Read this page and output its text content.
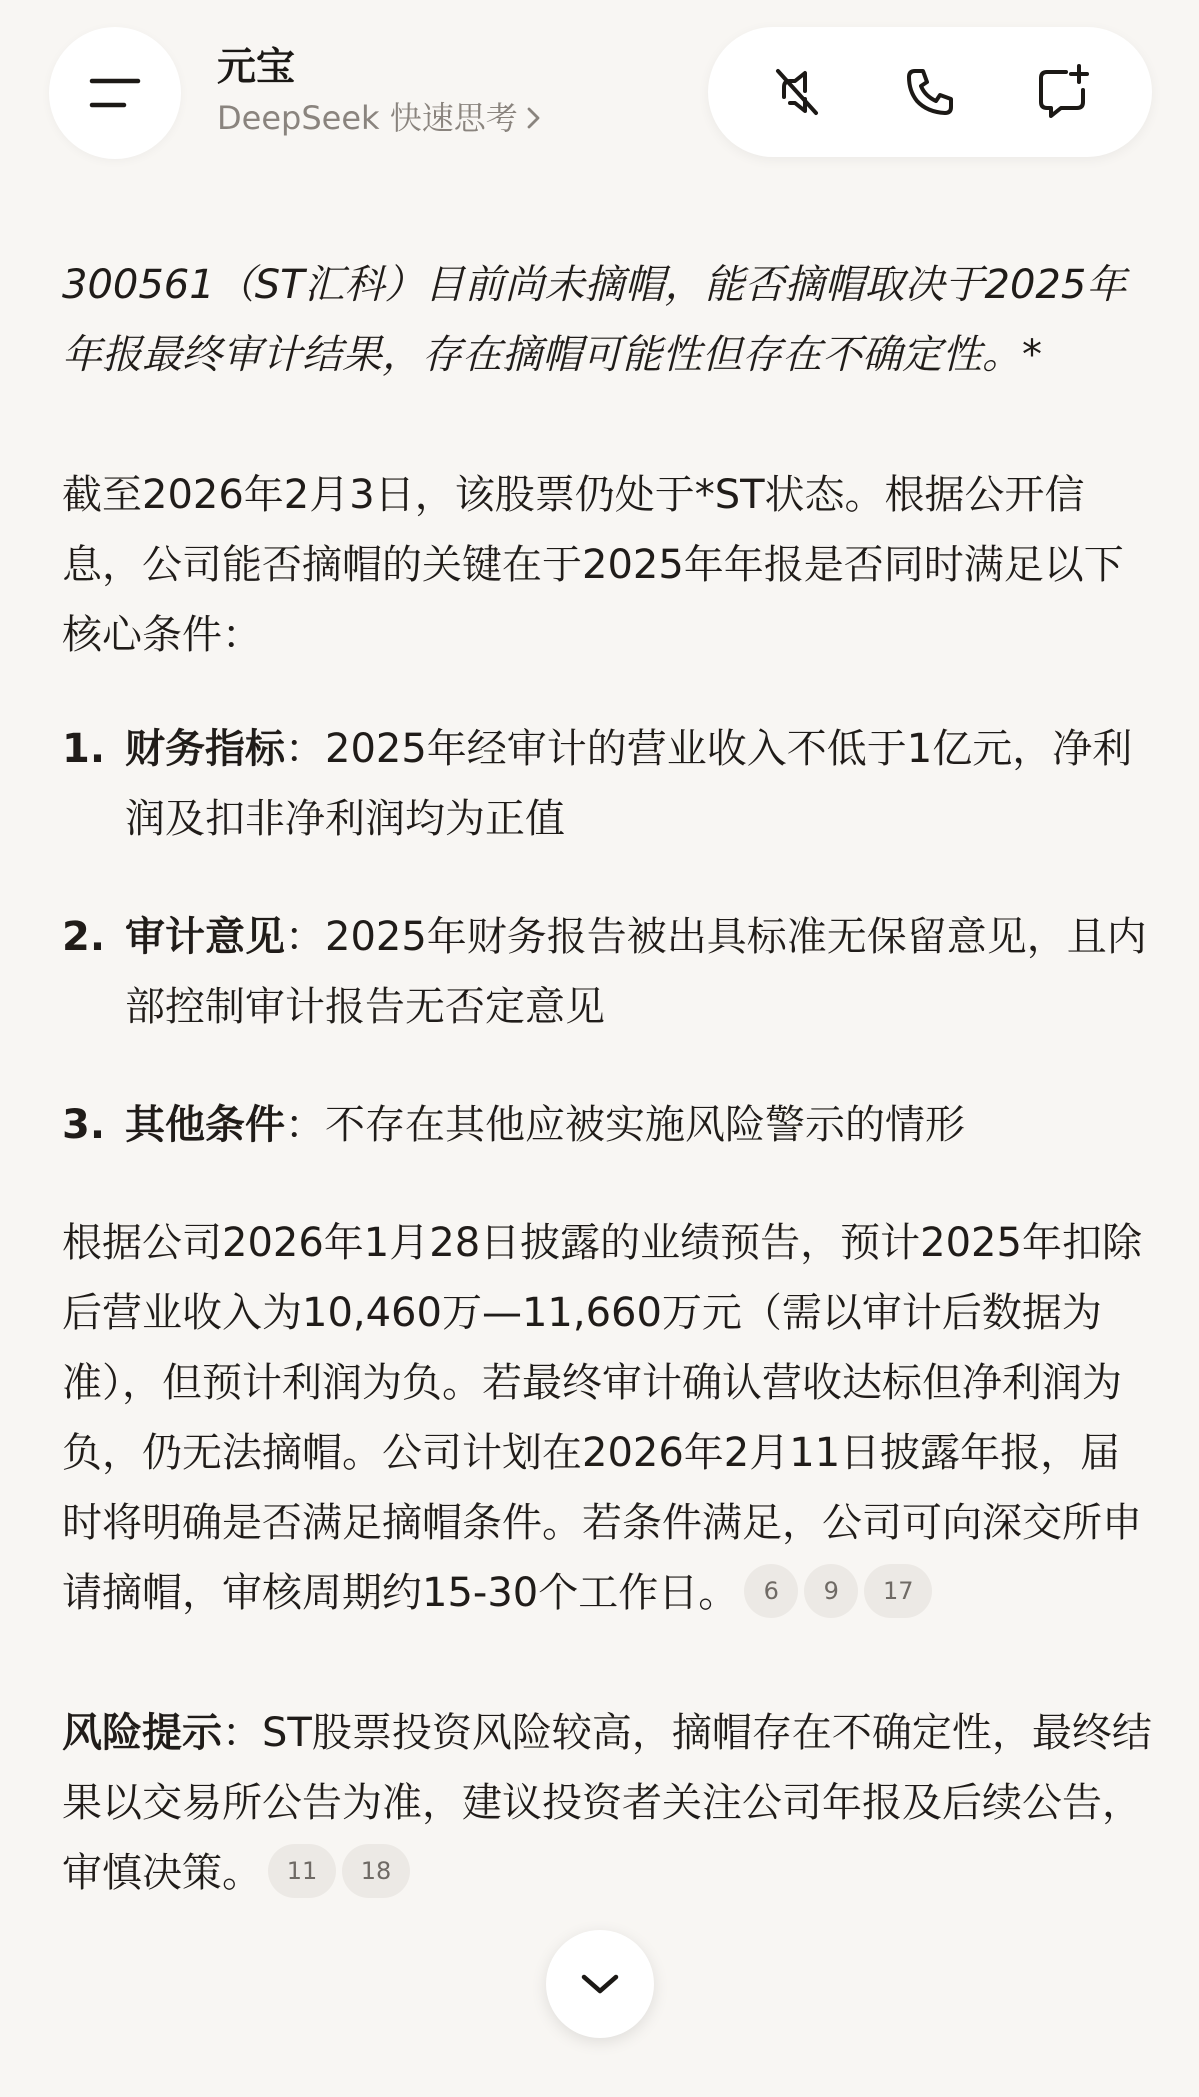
元宝
DeepSeek 快速思考

300561（ST汇科）目前尚未摘帽，能否摘帽取决于2025年年报最终审计结果，存在摘帽可能性但存在不确定性。*

截至2026年2月3日，该股票仍处于*ST状态。根据公开信息，公司能否摘帽的关键在于2025年年报是否同时满足以下核心条件：

1. 财务指标：2025年经审计的营业收入不低于1亿元，净利润及扣非净利润均为正值
2. 审计意见：2025年财务报告被出具标准无保留意见，且内部控制审计报告无否定意见
3. 其他条件：不存在其他应被实施风险警示的情形

根据公司2026年1月28日披露的业绩预告，预计2025年扣除后营业收入为10,460万—11,660万元（需以审计后数据为准），但预计利润为负。若最终审计确认营收达标但净利润为负，仍无法摘帽。公司计划在2026年2月11日披露年报，届时将明确是否满足摘帽条件。若条件满足，公司可向深交所申请摘帽，审核周期约15-30个工作日。 6 9 17

风险提示：ST股票投资风险较高，摘帽存在不确定性，最终结果以交易所公告为准，建议投资者关注公司年报及后续公告，审慎决策。 11 18
